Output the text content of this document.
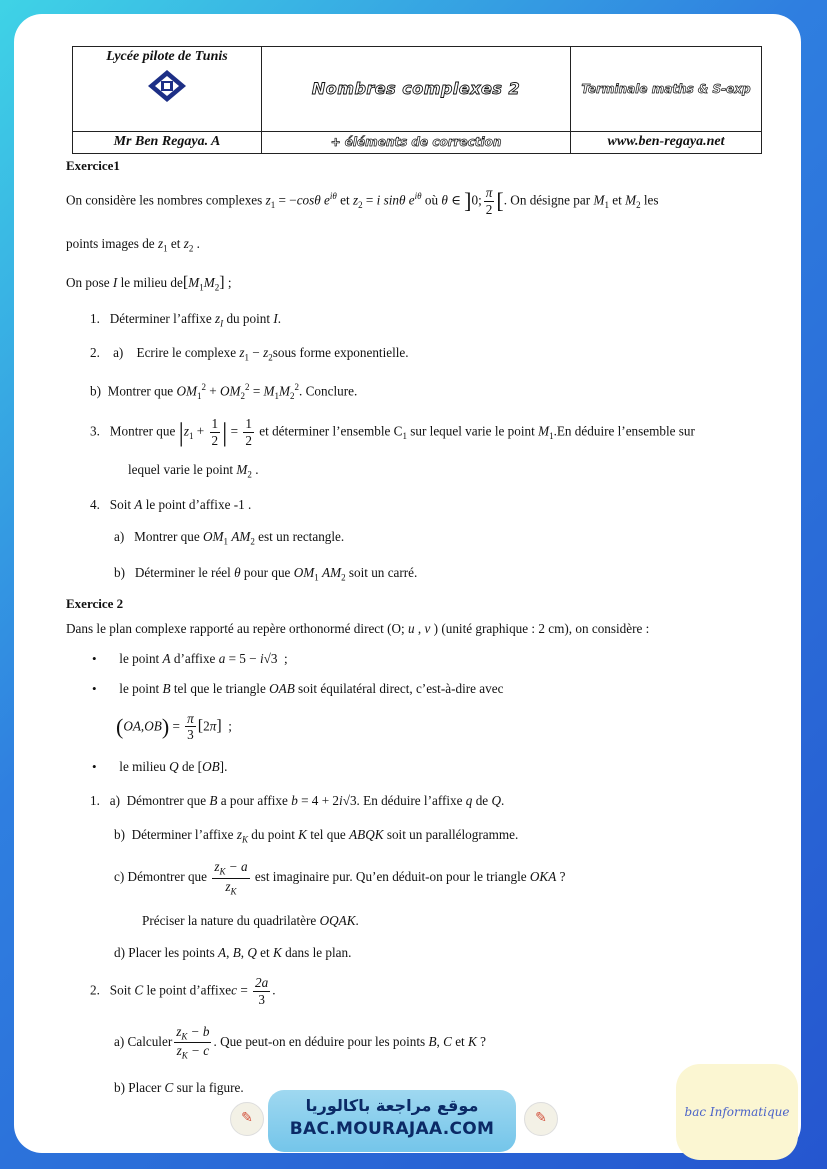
Lycée pilote de Tunis	Nombres complexes 2	Terminale maths & S-exp
Mr Ben Regaya. A	+ éléments de correction	www.ben-regaya.net
Exercice1
On considère les nombres complexes $z_1 = -\cos\theta$ $e^{i\theta}$ et $z_2 = i$ sinθ $e^{i\theta}$ où θ ∈ ]0; $\frac{\pi}{2}$ [. On désigne par $M_1$ et $M_2$ les
points images de $z_1$ et $z_2$ .
On pose I le milieu $de[M_1M_2]$ ;
1.   Déterminer l’affixe $z_I$ du point I.
2.    a)    Ecrire le complexe $z_1$ − $z_2sous$ forme exponentielle.
b)  Montrer que $OM_1^2 + OM_2^2 = M_1M_2^2$. Conclure.
3.   Montrer que $|z_1 + \frac{1}{2}$ | = $\frac{1}{2}$ et déterminer l’ensemble $C_1$ sur lequel varie le point $M_1.En$ déduire l’ensemble sur
lequel varie le point $M_2$ .
4.   Soit A le point d’affixe -1 .
a)   Montrer que $OM_1$ $AM_2$ est un rectangle.
b)   Déterminer le réel θ pour que $OM_1$ $AM_2$ soit un carré.
Exercice 2
Dans le plan complexe rapporté au repère orthonormé direct (O; u , v ) (unité graphique : 2 cm), on considère :
• le point A d’affixe a = 5 − i√3  ;
• le point B tel que le triangle OAB soit équilatéral direct, c’est-à-dire avec
$(OA,OB) = \frac{\pi}{3} [2\pi]$  ;
• le milieu Q de [OB].
1.   a)  Démontrer que B a pour affixe b = 4 + 2i√3. En déduire l’affixe q de Q.
b)  Déterminer l’affixe $z_K$ du point K tel que ABQK soit un parallélogramme.
c) Démontrer que $\frac{z_K - a}{z_K}$ est imaginaire pur. Qu’en déduit-on pour le triangle OKA ?
Préciser la nature du quadrilatère OQAK.
d) Placer les points A, B, Q et K dans le plan.
2.   Soit C le point d’affixec = $\frac{2a}{3}$ .
a) Calculer $\frac{z_K - b}{z_K - c}$ . Que peut-on en déduire pour les points B, C et K ?
b) Placer C sur la figure.
✎
موقع مراجعة باكالوريا
BAC.MOURAJAA.COM
✎	bac Informatique
